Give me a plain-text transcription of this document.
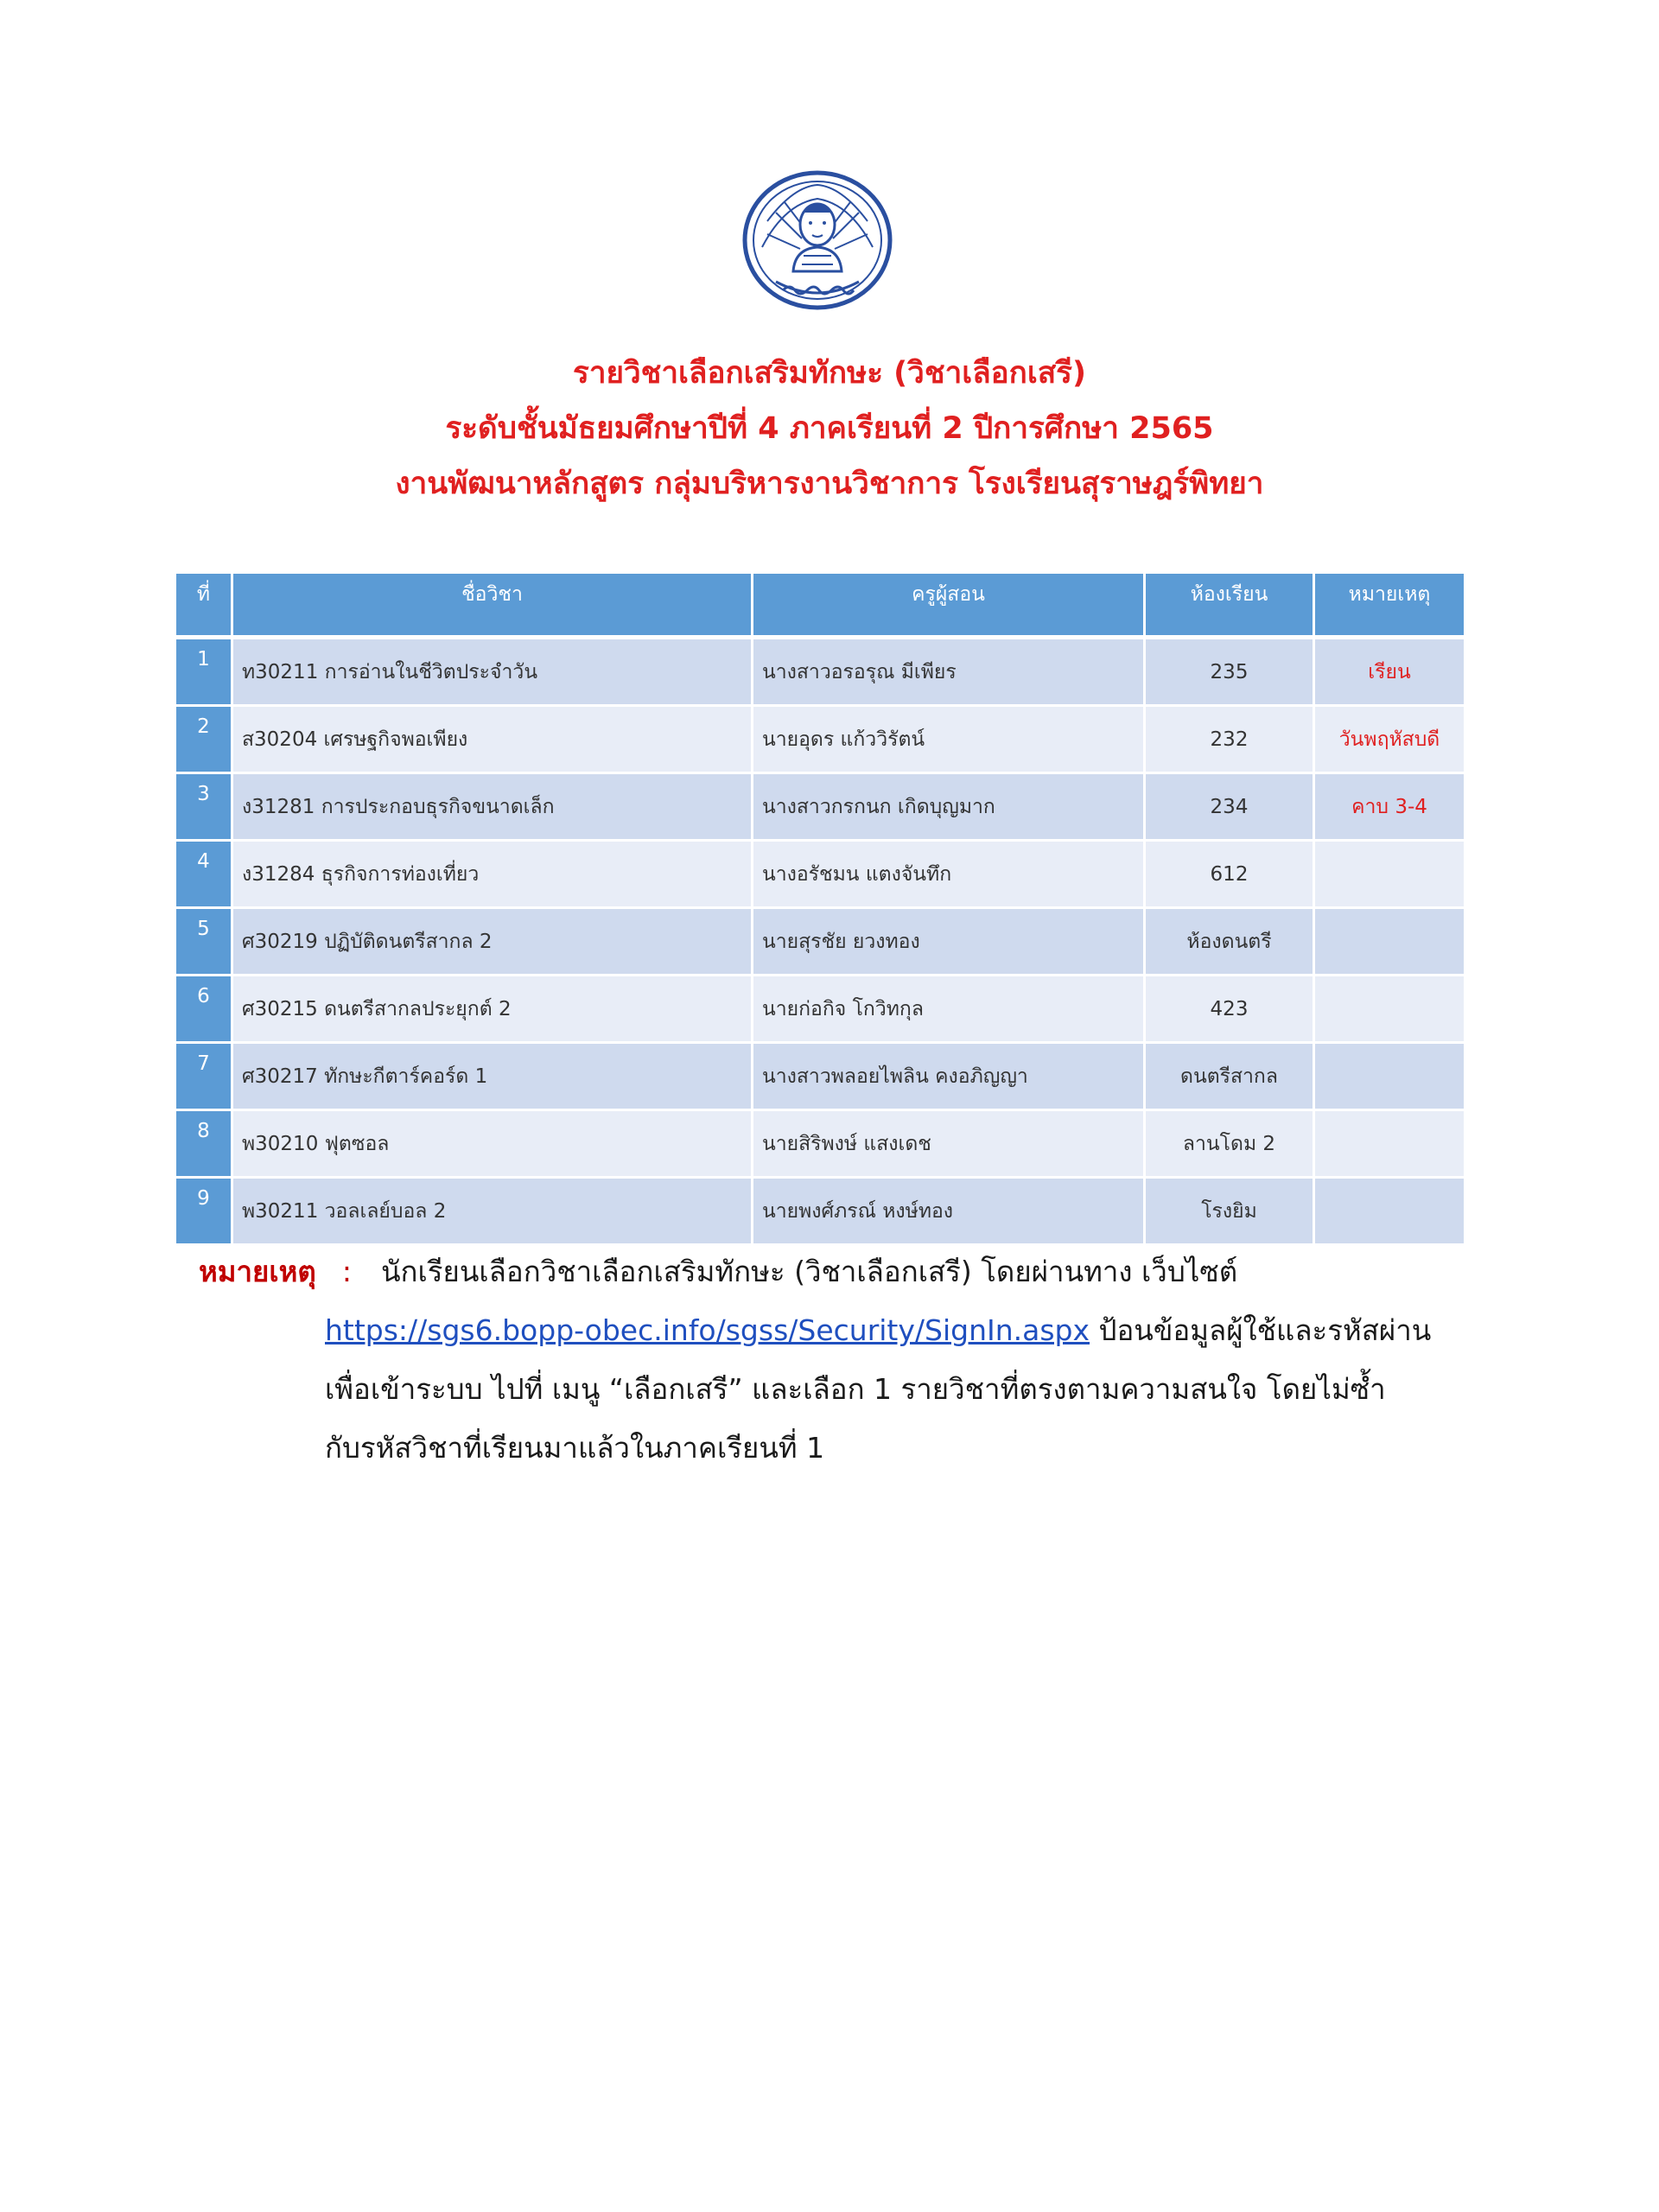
รายวิชาเลือกเสริมทักษะ (วิชาเลือกเสรี)
ระดับชั้นมัธยมศึกษาปีที่ 4 ภาคเรียนที่ 2 ปีการศึกษา 2565
งานพัฒนาหลักสูตร กลุ่มบริหารงานวิชาการ โรงเรียนสุราษฎร์พิทยา
ที่	ชื่อวิชา	ครูผู้สอน	ห้องเรียน	หมายเหตุ
1	ท30211 การอ่านในชีวิตประจำวัน	นางสาวอรอรุณ มีเพียร	235	เรียน
2	ส30204 เศรษฐกิจพอเพียง	นายอุดร แก้ววิรัตน์	232	วันพฤหัสบดี
3	ง31281 การประกอบธุรกิจขนาดเล็ก	นางสาวกรกนก เกิดบุญมาก	234	คาบ 3-4
4	ง31284 ธุรกิจการท่องเที่ยว	นางอรัชมน แตงจันทึก	612	
5	ศ30219 ปฏิบัติดนตรีสากล 2	นายสุรชัย ยวงทอง	ห้องดนตรี	
6	ศ30215 ดนตรีสากลประยุกต์ 2	นายก่อกิจ โกวิทกุล	423	
7	ศ30217 ทักษะกีตาร์คอร์ด 1	นางสาวพลอยไพลิน คงอภิญญา	ดนตรีสากล	
8	พ30210 ฟุตซอล	นายสิริพงษ์ แสงเดช	ลานโดม 2	
9	พ30211 วอลเลย์บอล 2	นายพงศ์ภรณ์ หงษ์ทอง	โรงยิม	
หมายเหตุ : นักเรียนเลือกวิชาเลือกเสริมทักษะ (วิชาเลือกเสรี) โดยผ่านทาง เว็บไซต์
https://sgs6.bopp-obec.info/sgss/Security/SignIn.aspx ป้อนข้อมูลผู้ใช้และรหัสผ่าน
เพื่อเข้าระบบ ไปที่ เมนู “เลือกเสรี” และเลือก 1 รายวิชาที่ตรงตามความสนใจ โดยไม่ซ้ำ
กับรหัสวิชาที่เรียนมาแล้วในภาคเรียนที่ 1
